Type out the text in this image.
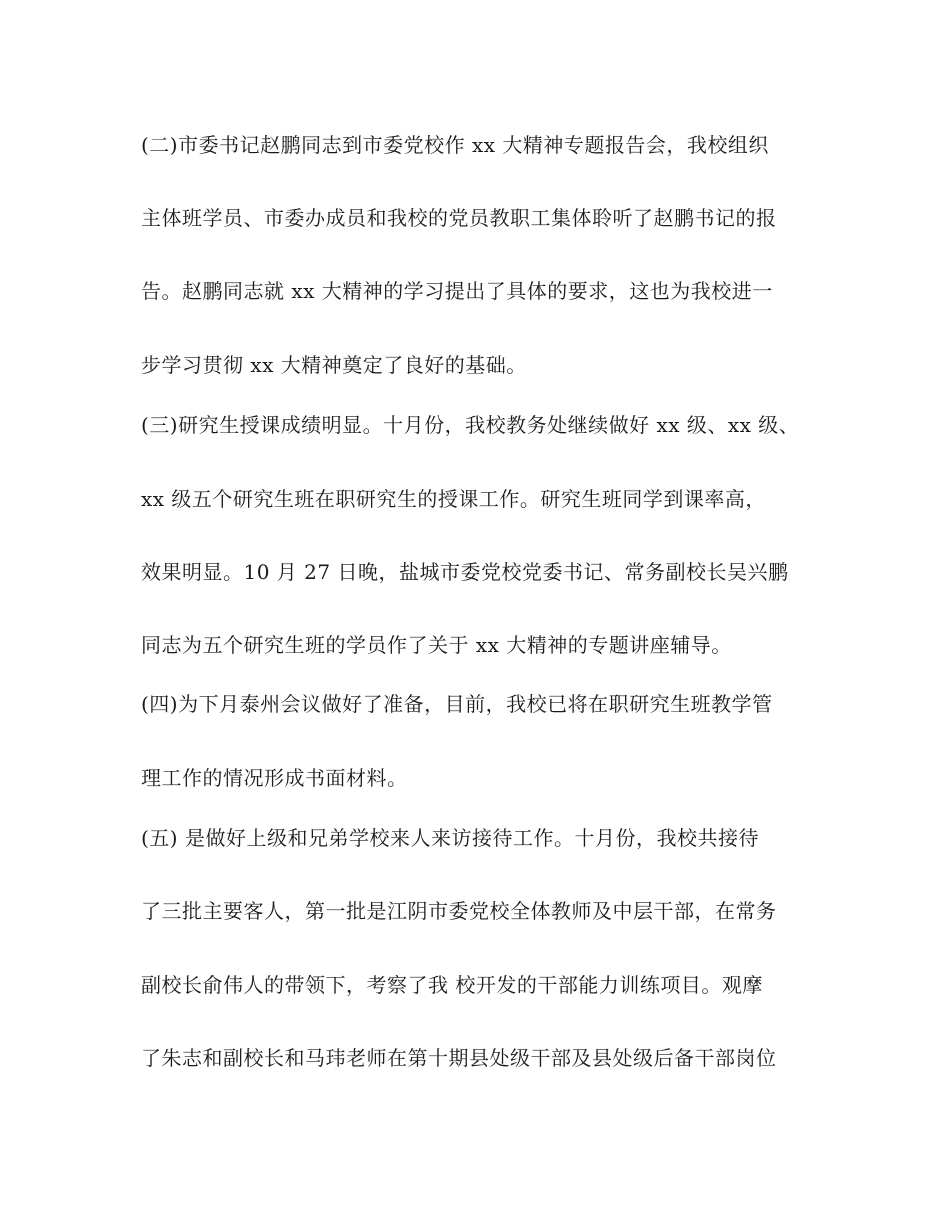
(二)市委书记赵鹏同志到市委党校作 xx 大精神专题报告会，我校组织
主体班学员、市委办成员和我校的党员教职工集体聆听了赵鹏书记的报
告。赵鹏同志就 xx 大精神的学习提出了具体的要求，这也为我校进一
步学习贯彻 xx 大精神奠定了良好的基础。
(三)研究生授课成绩明显。十月份，我校教务处继续做好 xx 级、xx 级、
xx 级五个研究生班在职研究生的授课工作。研究生班同学到课率高，
效果明显。10 月 27 日晚，盐城市委党校党委书记、常务副校长吴兴鹏
同志为五个研究生班的学员作了关于 xx 大精神的专题讲座辅导。
(四)为下月泰州会议做好了准备，目前，我校已将在职研究生班教学管
理工作的情况形成书面材料。
(五) 是做好上级和兄弟学校来人来访接待工作。十月份，我校共接待
了三批主要客人，第一批是江阴市委党校全体教师及中层干部，在常务
副校长俞伟人的带领下，考察了我 校开发的干部能力训练项目。观摩
了朱志和副校长和马玮老师在第十期县处级干部及县处级后备干部岗位
